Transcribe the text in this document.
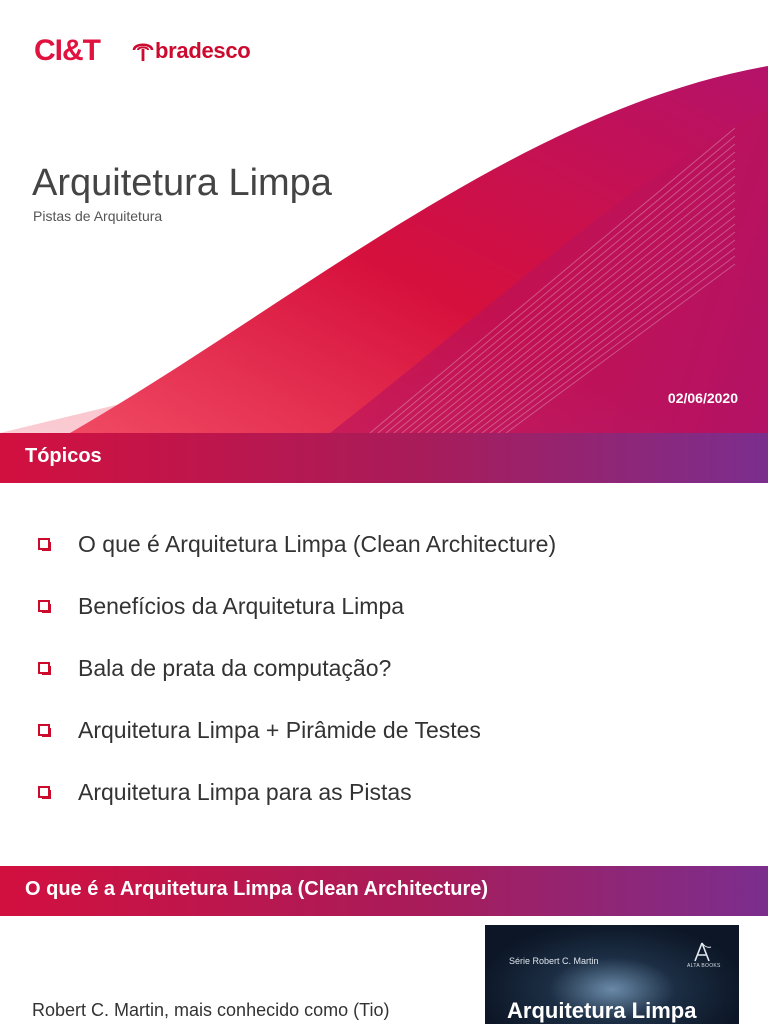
CI&T	bradesco
Arquitetura Limpa
Pistas de Arquitetura
02/06/2020
Tópicos
O que é Arquitetura Limpa (Clean Architecture)
Benefícios da Arquitetura Limpa
Bala de prata da computação?
Arquitetura Limpa + Pirâmide de Testes
Arquitetura Limpa para as Pistas
O que é a Arquitetura Limpa (Clean Architecture)
Robert C. Martin, mais conhecido como (Tio)
Série Robert C. Martin	ALTA BOOKS
Arquitetura Limpa
